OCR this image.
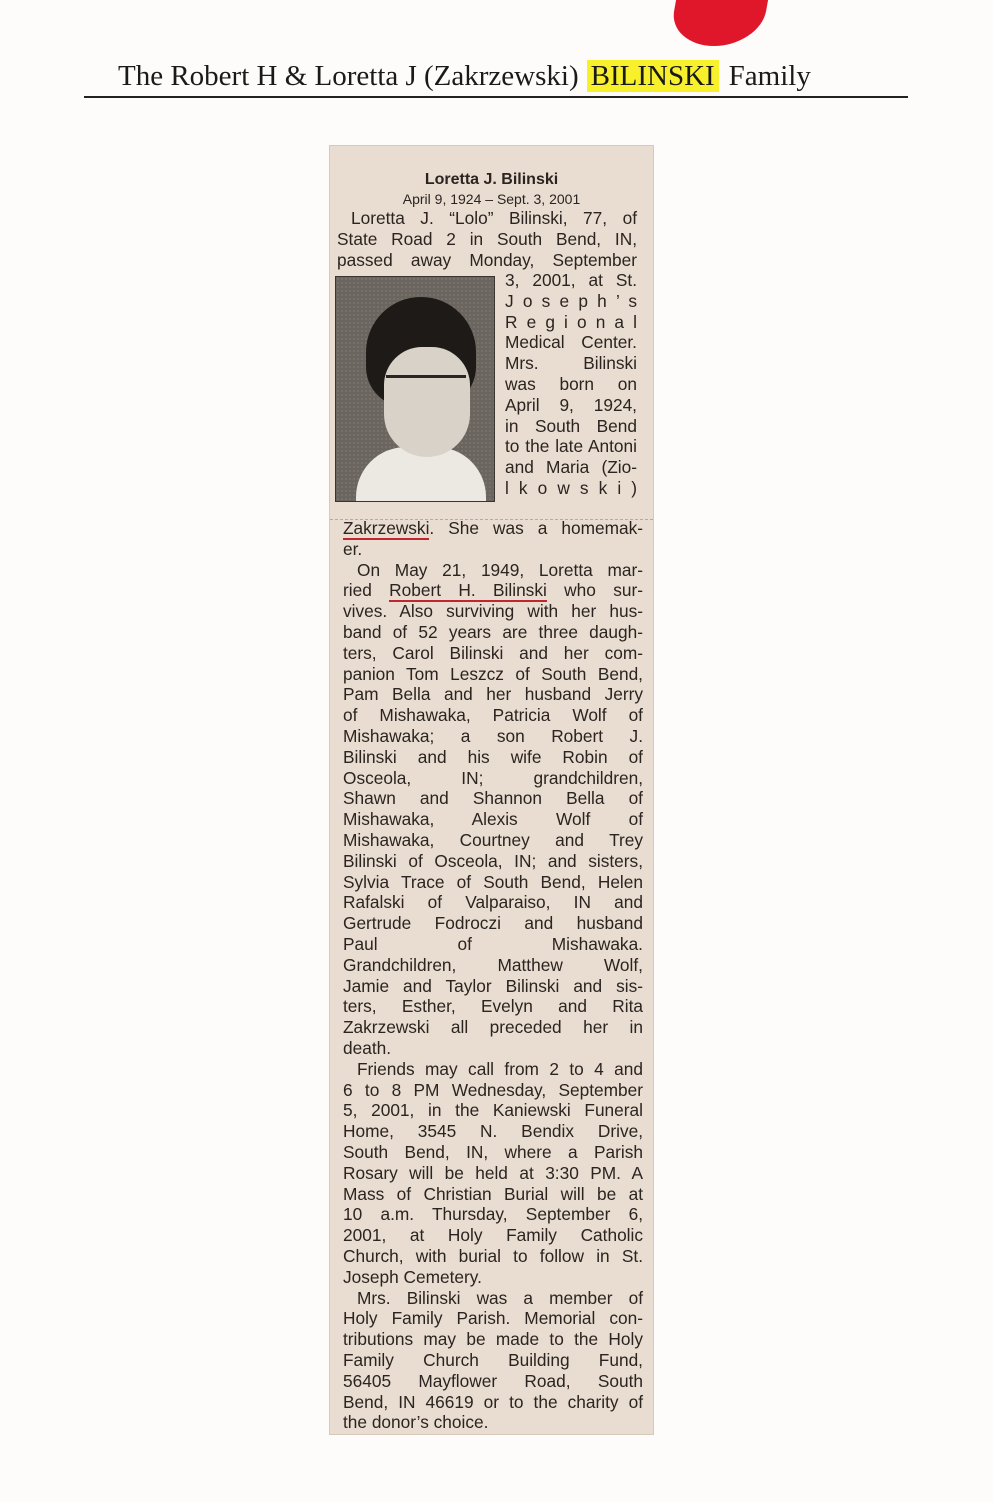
The Robert H & Loretta J (Zakrzewski) BILINSKI Family
Loretta J. Bilinski
April 9, 1924 – Sept. 3, 2001
Loretta J. “Lolo” Bilinski, 77, of
State Road 2 in South Bend, IN,
passed away Monday, September
3, 2001, at St.
J o s e p h ’ s
R e g i o n a l
Medical Center.
Mrs. Bilinski
was born on
April 9, 1924,
in South Bend
to the late Antoni
and Maria (Zio-
l k o w s k i )
Zakrzewski. She was a homemak-
er.
On May 21, 1949, Loretta mar-
ried Robert H. Bilinski who sur-
vives. Also surviving with her hus-
band of 52 years are three daugh-
ters, Carol Bilinski and her com-
panion Tom Leszcz of South Bend,
Pam Bella and her husband Jerry
of Mishawaka, Patricia Wolf of
Mishawaka; a son Robert J.
Bilinski and his wife Robin of
Osceola, IN; grandchildren,
Shawn and Shannon Bella of
Mishawaka, Alexis Wolf of
Mishawaka, Courtney and Trey
Bilinski of Osceola, IN; and sisters,
Sylvia Trace of South Bend, Helen
Rafalski of Valparaiso, IN and
Gertrude Fodroczi and husband
Paul of Mishawaka.
Grandchildren, Matthew Wolf,
Jamie and Taylor Bilinski and sis-
ters, Esther, Evelyn and Rita
Zakrzewski all preceded her in
death.
Friends may call from 2 to 4 and
6 to 8 PM Wednesday, September
5, 2001, in the Kaniewski Funeral
Home, 3545 N. Bendix Drive,
South Bend, IN, where a Parish
Rosary will be held at 3:30 PM. A
Mass of Christian Burial will be at
10 a.m. Thursday, September 6,
2001, at Holy Family Catholic
Church, with burial to follow in St.
Joseph Cemetery.
Mrs. Bilinski was a member of
Holy Family Parish. Memorial con-
tributions may be made to the Holy
Family Church Building Fund,
56405 Mayflower Road, South
Bend, IN 46619 or to the charity of
the donor’s choice.
